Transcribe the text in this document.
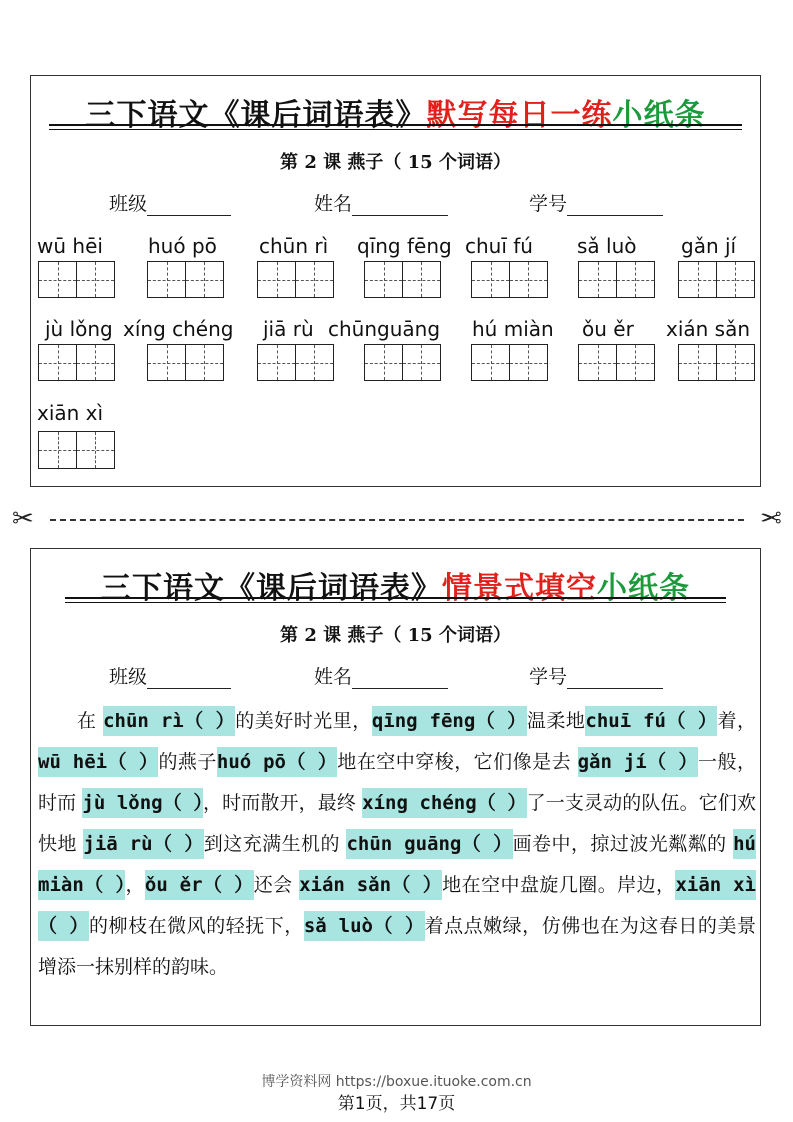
三下语文《课后词语表》默写每日一练小纸条
第 2 课 燕子（ 15 个词语）
班级	姓名	学号
wū hēi huó pō chūn rì qīng fēng chuī fú sǎ luò gǎn jí
jù lǒng xíng chéng jiā rù chūnguāng hú miàn ǒu ěr xián sǎn
xiān xì
✂	✂
三下语文《课后词语表》情景式填空小纸条
第 2 课 燕子（ 15 个词语）
班级	姓名	学号
　　在 chūn rì（ ）的美好时光里，qīng fēng（ ）温柔地chuī fú（ ）着，wū hēi（ ）的燕子huó pō（ ）地在空中穿梭，它们像是去 gǎn jí（ ）一般，时而 jù lǒng（ ），时而散开，最终 xíng chéng（ ）了一支灵动的队伍。它们欢快地 jiā rù（ ）到这充满生机的 chūn guāng（ ）画卷中，掠过波光粼粼的 hú miàn（ ），ǒu ěr（ ）还会 xián sǎn（ ）地在空中盘旋几圈。岸边，xiān xì（ ）的柳枝在微风的轻抚下，sǎ luò（ ）着点点嫩绿，仿佛也在为这春日的美景增添一抹别样的韵味。
博学资料网 https://boxue.ituoke.com.cn
第1页，共17页
